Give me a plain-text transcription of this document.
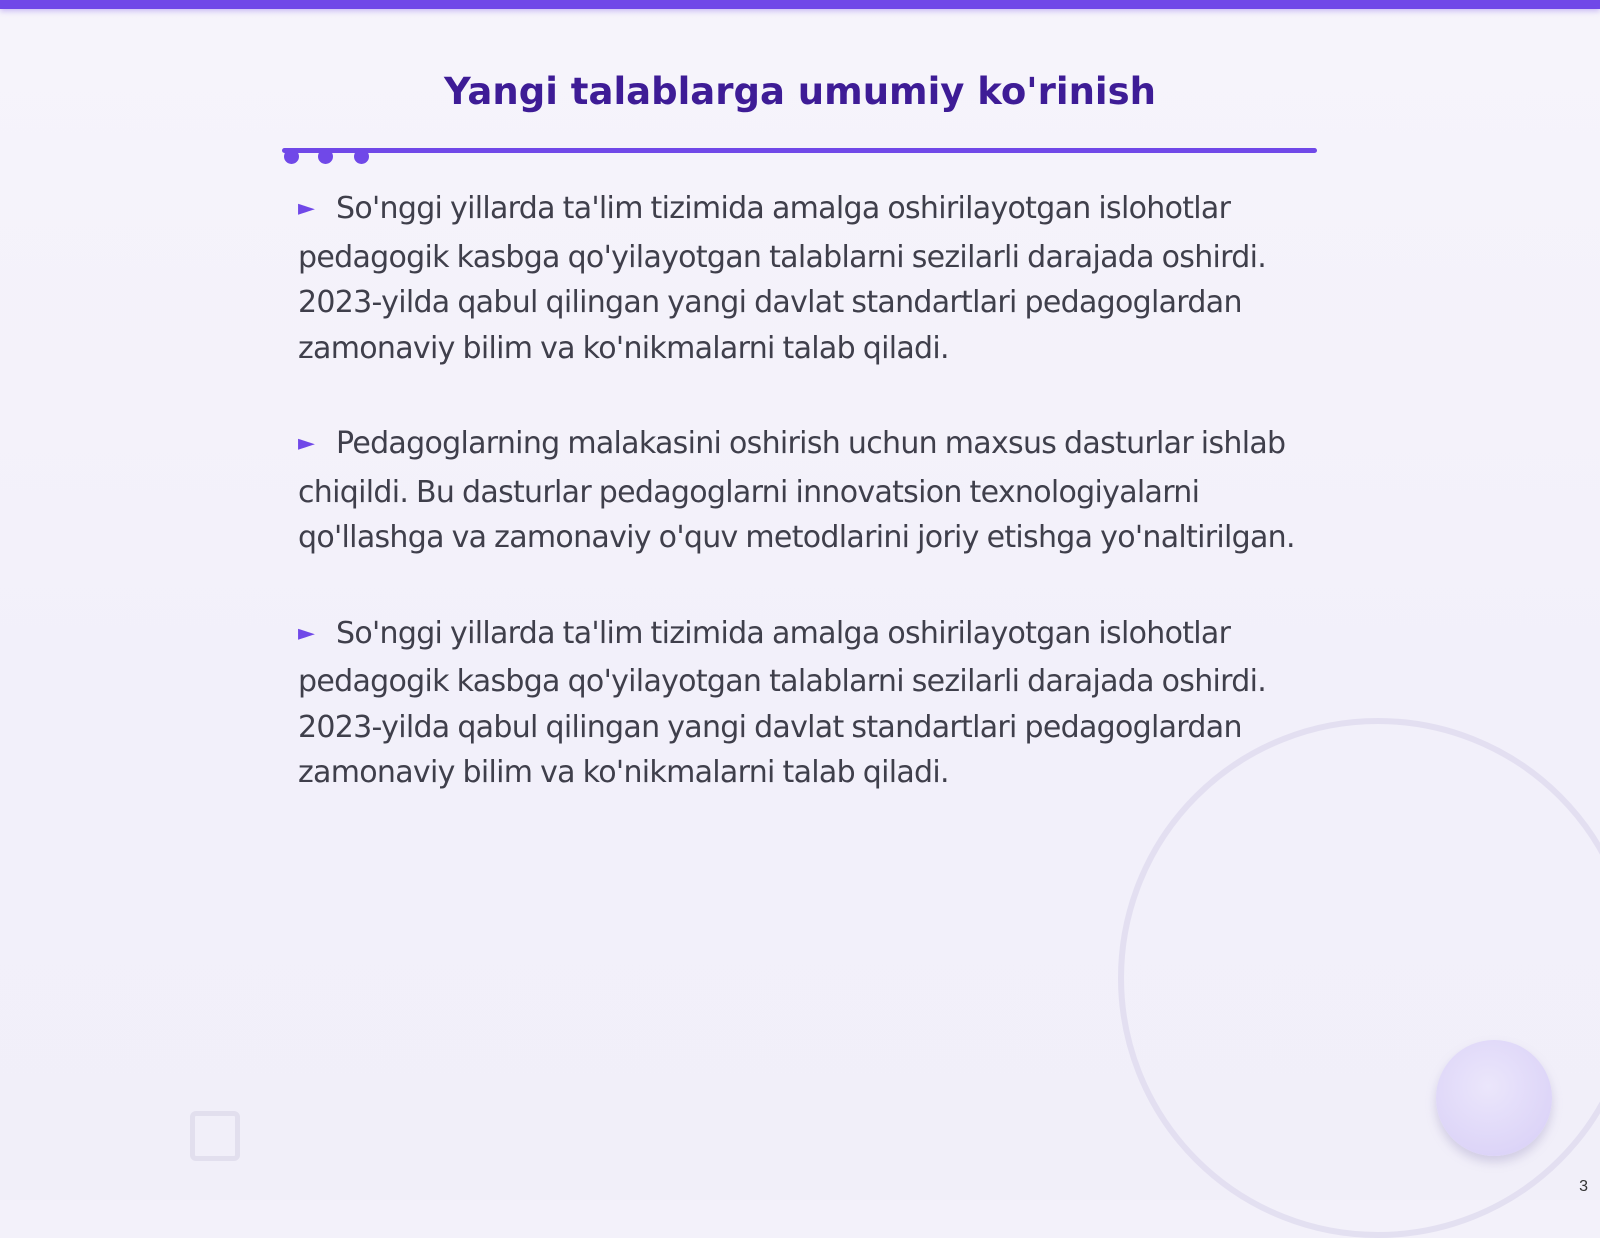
Yangi talablarga umumiy ko'rinish

► So'nggi yillarda ta'lim tizimida amalga oshirilayotgan islohotlar pedagogik kasbga qo'yilayotgan talablarni sezilarli darajada oshirdi. 2023-yilda qabul qilingan yangi davlat standartlari pedagoglardan zamonaviy bilim va ko'nikmalarni talab qiladi.

► Pedagoglarning malakasini oshirish uchun maxsus dasturlar ishlab chiqildi. Bu dasturlar pedagoglarni innovatsion texnologiyalarni qo'llashga va zamonaviy o'quv metodlarini joriy etishga yo'naltirilgan.

► So'nggi yillarda ta'lim tizimida amalga oshirilayotgan islohotlar pedagogik kasbga qo'yilayotgan talablarni sezilarli darajada oshirdi. 2023-yilda qabul qilingan yangi davlat standartlari pedagoglardan zamonaviy bilim va ko'nikmalarni talab qiladi.

3
